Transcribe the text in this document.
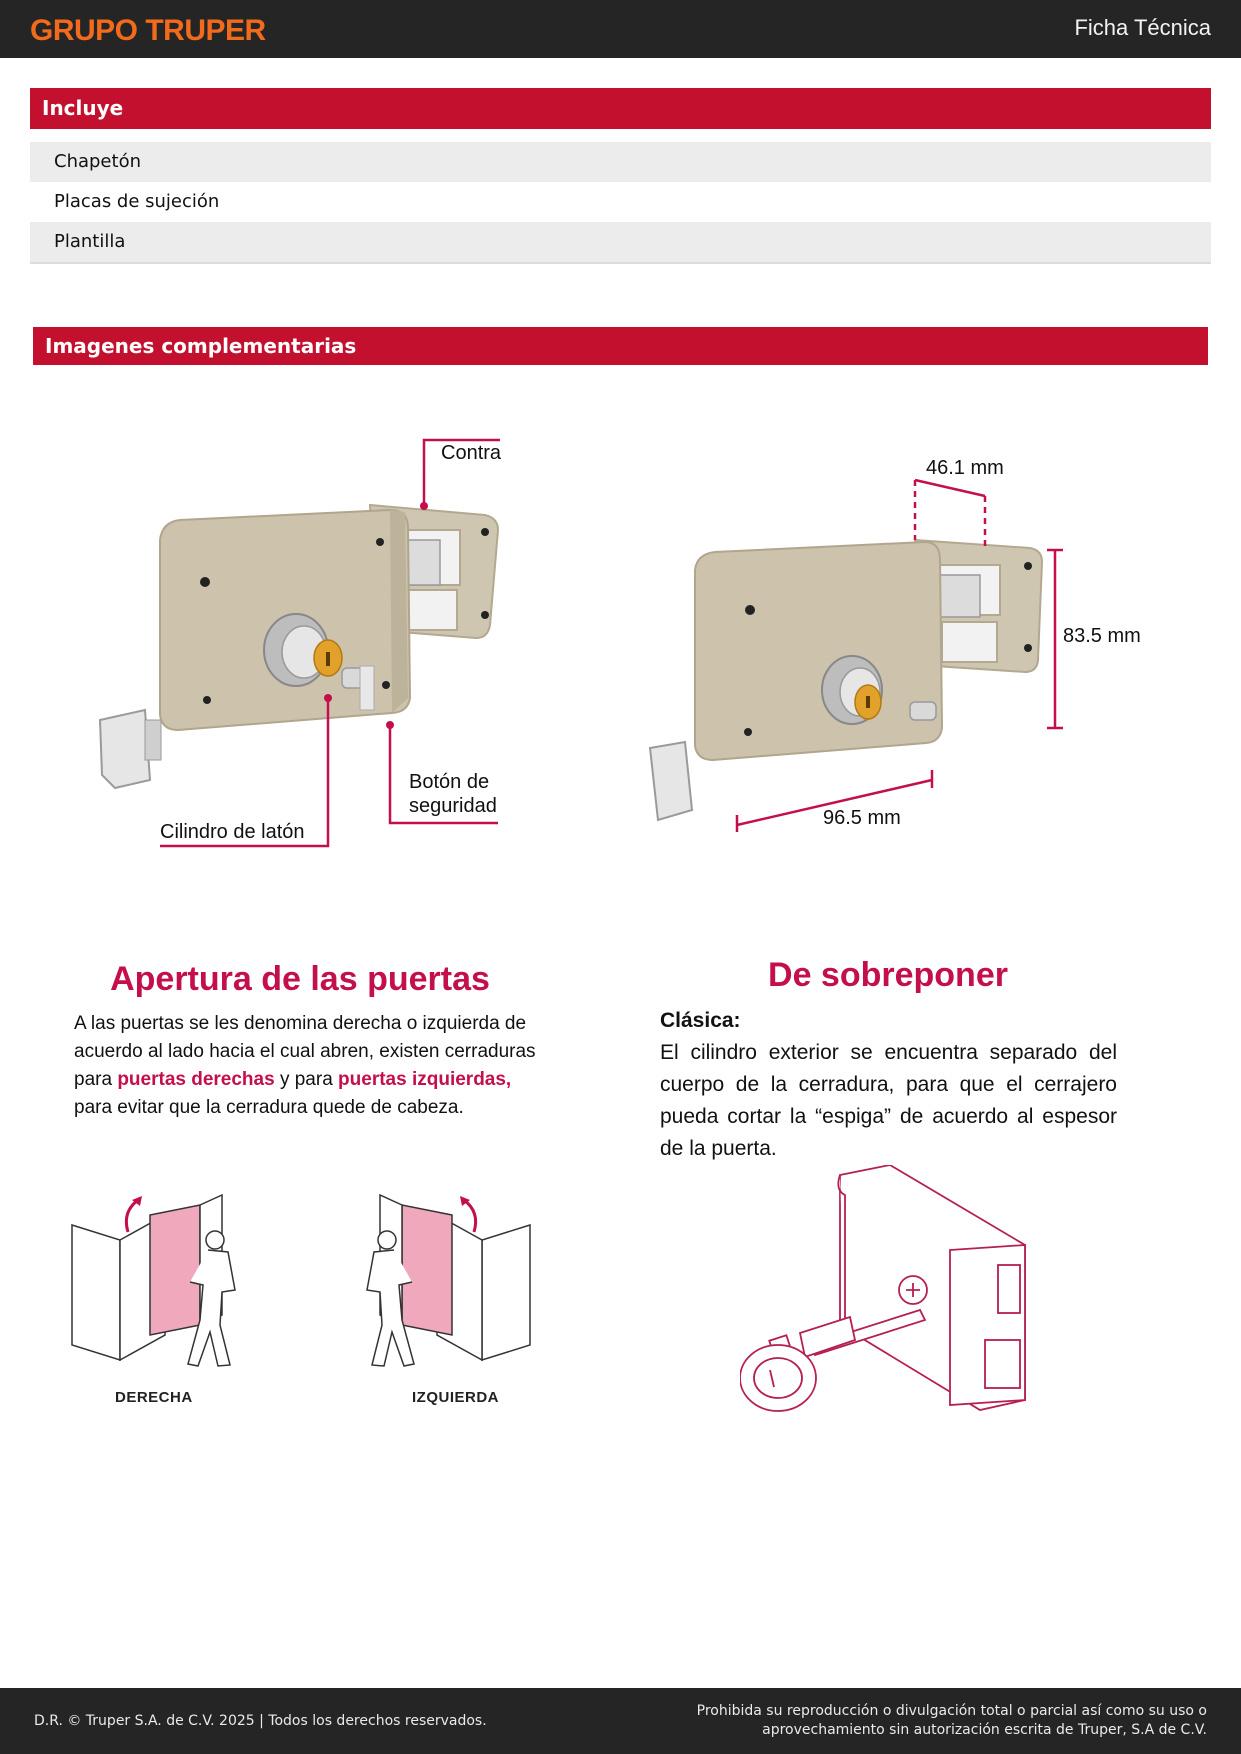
GRUPO TRUPER	Ficha Técnica
Incluye
Chapetón
Placas de sujeción
Plantilla
Imagenes complementarias
Contra
Botón de
seguridad
Cilindro de latón
46.1 mm
83.5 mm
96.5 mm
Apertura de las puertas
A las puertas se les denomina derecha o izquierda de
acuerdo al lado hacia el cual abren, existen cerraduras
para puertas derechas y para puertas izquierdas,
para evitar que la cerradura quede de cabeza.
DERECHA	IZQUIERDA
De sobreponer
Clásica:
El cilindro exterior se encuentra separado del cuerpo de la cerradura, para que el cerrajero pueda cortar la “espiga” de acuerdo al espesor de la puerta.
D.R. © Truper S.A. de C.V. 2025 | Todos los derechos reservados.
Prohibida su reproducción o divulgación total o parcial así como su uso o
aprovechamiento sin autorización escrita de Truper, S.A de C.V.
